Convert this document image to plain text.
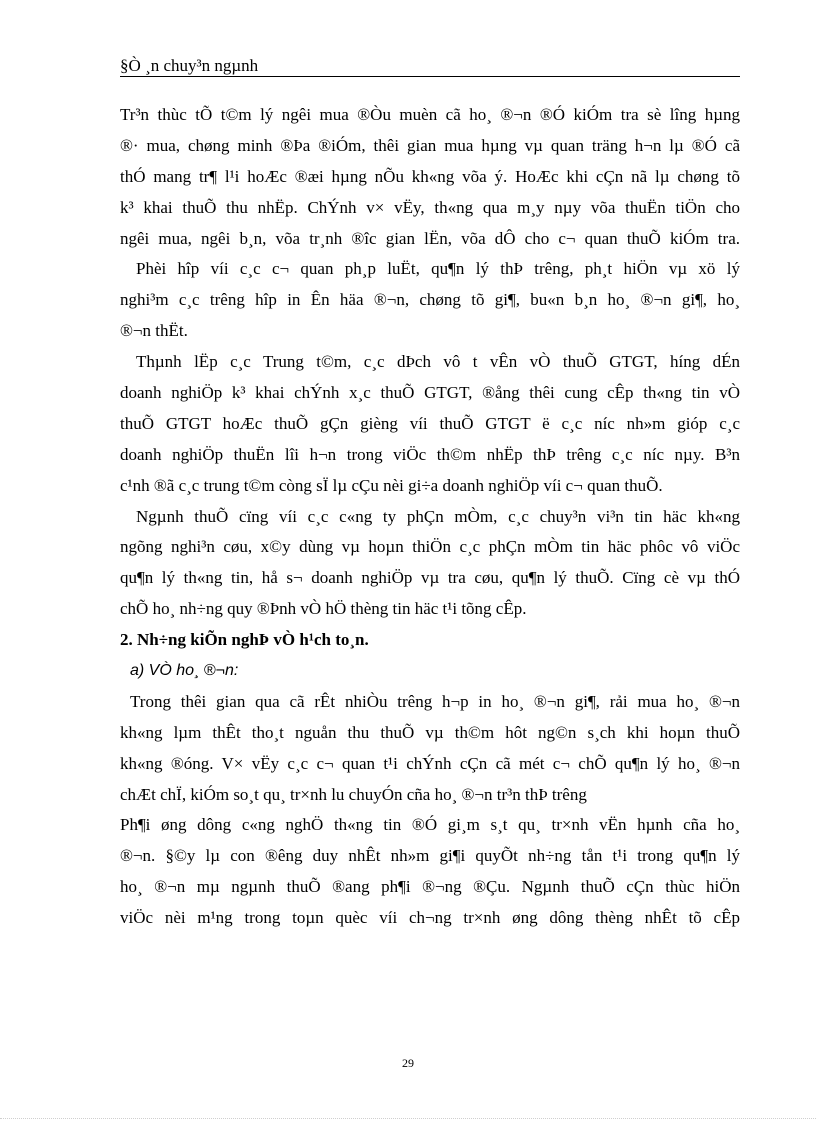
§Ò ¸n chuy³n ngµnh
Tr³n thùc tÕ t©m lý ngêi mua ®Òu muèn cã ho¸ ®¬n ®Ó kiÓm tra sè lîng hµng
®· mua, chøng minh ®Þa ®iÓm, thêi gian mua hµng vµ quan träng h¬n lµ ®Ó cã
thÓ mang tr¶ l¹i hoÆc ®æi hµng nÕu kh«ng võa ý. HoÆc khi cÇn nã lµ chøng tõ
k³ khai thuÕ thu nhËp. ChÝnh v× vËy, th«ng qua m¸y nµy võa thuËn tiÖn cho
ngêi mua, ngêi b¸n, võa tr¸nh ®îc gian lËn, võa dÔ cho c¬ quan thuÕ kiÓm tra.
Phèi hîp víi c¸c c¬ quan ph¸p luËt, qu¶n lý thÞ trêng, ph¸t hiÖn vµ xö lý
nghi³m c¸c trêng hîp in Ên häa ®¬n, chøng tõ gi¶, bu«n b¸n ho¸ ®¬n gi¶, ho¸
®¬n thËt.
Thµnh lËp c¸c Trung t©m, c¸c dÞch vô t vÊn vÒ thuÕ GTGT, híng dÉn
doanh nghiÖp k³ khai chÝnh x¸c thuÕ GTGT, ®ång thêi cung cÊp th«ng tin vÒ
thuÕ GTGT hoÆc thuÕ gÇn gièng víi thuÕ GTGT ë c¸c níc nh»m gióp c¸c
doanh nghiÖp thuËn lîi h¬n trong viÖc th©m nhËp thÞ trêng c¸c níc nµy. B³n
c¹nh ®ã c¸c trung t©m còng sÏ lµ cÇu nèi gi÷a doanh nghiÖp víi c¬ quan thuÕ.
Ngµnh thuÕ cïng víi c¸c c«ng ty phÇn mÒm, c¸c chuy³n vi³n tin häc kh«ng
ngõng nghi³n cøu, x©y dùng vµ hoµn thiÖn c¸c phÇn mÒm tin häc phôc vô viÖc
qu¶n lý th«ng tin, hå s¬ doanh nghiÖp vµ tra cøu, qu¶n lý thuÕ. Cïng cè vµ thÓ
chÕ ho¸ nh÷ng quy ®Þnh vÒ hÖ thèng tin häc t¹i tõng cÊp.
2. Nh÷ng kiÕn nghÞ vÒ h¹ch to¸n.
a) VÒ ho¸ ®¬n:
Trong thêi gian qua cã rÊt nhiÒu trêng h¬p in ho¸ ®¬n gi¶, rải mua ho¸ ®¬n
kh«ng lµm thÊt tho¸t nguån thu thuÕ vµ th©m hôt ng©n s¸ch khi hoµn thuÕ
kh«ng ®óng. V× vËy c¸c c¬ quan t¹i chÝnh cÇn cã mét c¬ chÕ qu¶n lý ho¸ ®¬n
chÆt chÏ, kiÓm so¸t qu¸ tr×nh lu chuyÓn cña ho¸ ®¬n tr³n thÞ trêng
Ph¶i øng dông c«ng nghÖ th«ng tin ®Ó gi¸m s¸t qu¸ tr×nh vËn hµnh cña ho¸
®¬n. §©y lµ con ®êng duy nhÊt nh»m gi¶i quyÕt nh÷ng tån t¹i trong qu¶n lý
ho¸ ®¬n mµ ngµnh thuÕ ®ang ph¶i ®¬ng ®Çu. Ngµnh thuÕ cÇn thùc hiÖn
viÖc nèi m¹ng trong toµn quèc víi ch¬ng tr×nh øng dông thèng nhÊt tõ cÊp
29
